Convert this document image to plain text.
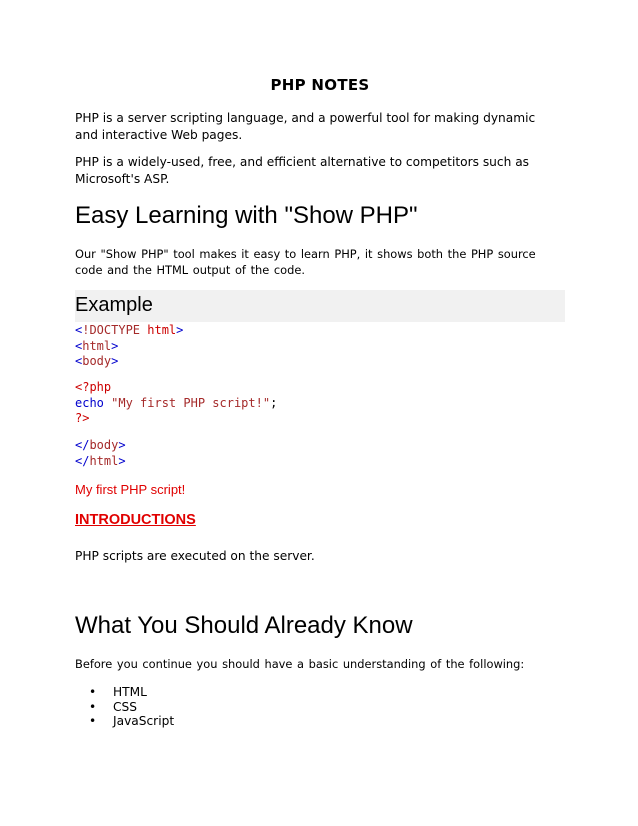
PHP NOTES
PHP is a server scripting language, and a powerful tool for making dynamic
and interactive Web pages.
PHP is a widely-used, free, and efficient alternative to competitors such as
Microsoft's ASP.
Easy Learning with "Show PHP"
Our "Show PHP" tool makes it easy to learn PHP, it shows both the PHP source
code and the HTML output of the code.
Example
<!DOCTYPE html>
<html>
<body>
<?php
echo "My first PHP script!";
?>
</body>
</html>
My first PHP script!
INTRODUCTIONS
PHP scripts are executed on the server.
What You Should Already Know
Before you continue you should have a basic understanding of the following:
• HTML
• CSS
• JavaScript
